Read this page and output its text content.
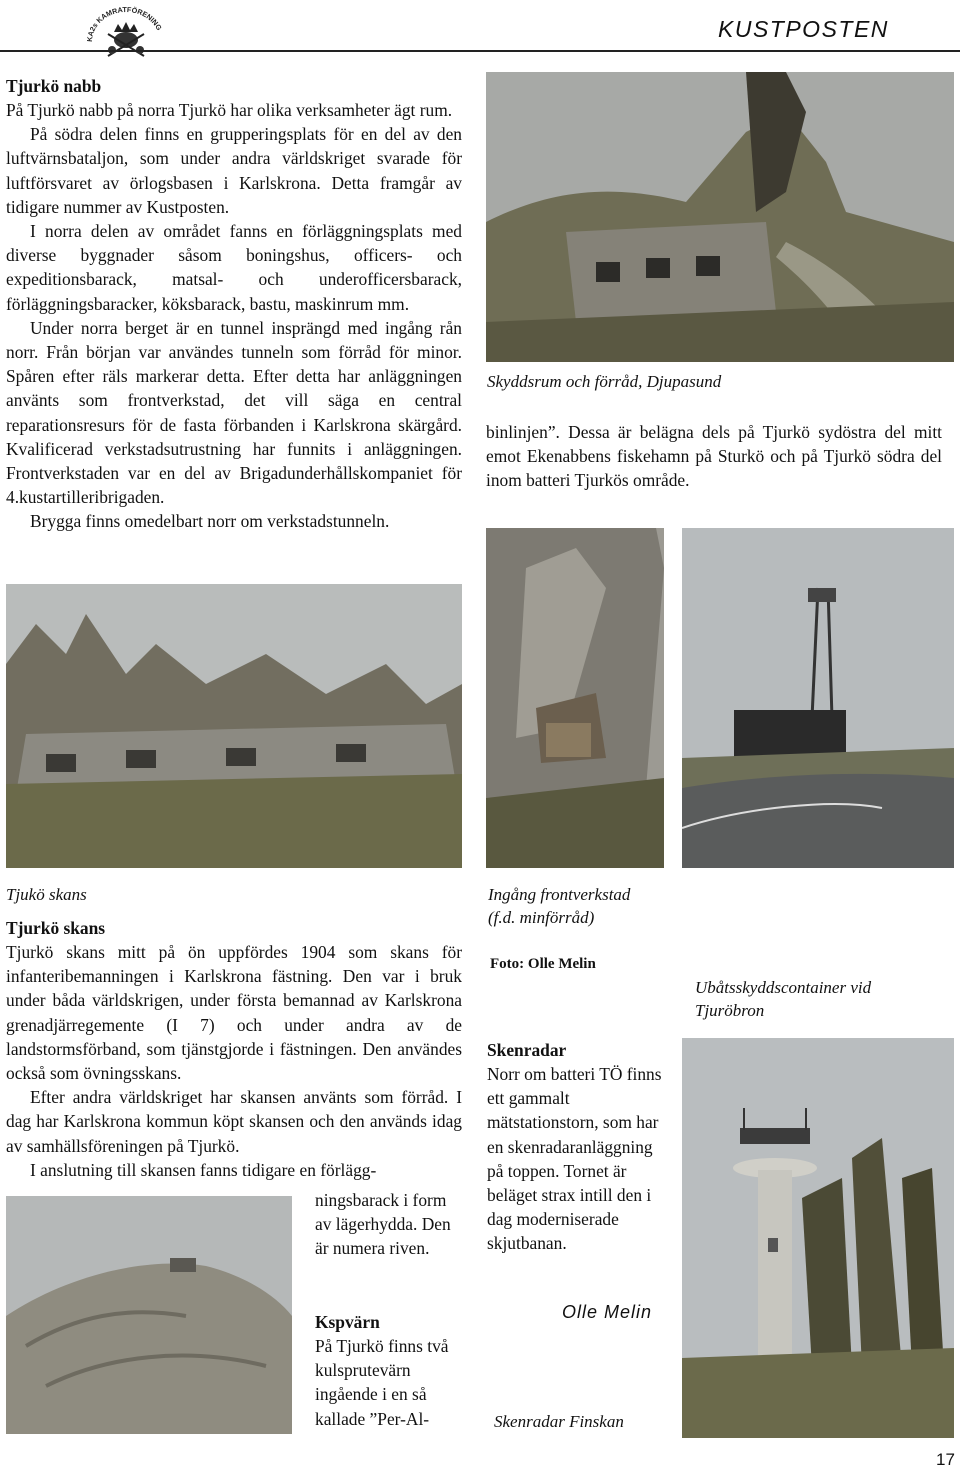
KA2s KAMRATFÖRENING	KUSTPOSTEN
Tjurkö nabb

På Tjurkö nabb på norra Tjurkö har olika verksamheter ägt rum.

På södra delen finns en grupperingsplats för en del av den luftvärnsbataljon, som under andra världskriget svarade för luftförsvaret av örlogsbasen i Karlskrona. Detta framgår av tidigare nummer av Kustposten.

I norra delen av området fanns en förläggningsplats med diverse byggnader såsom boningshus, officers- och expeditionsbarack, matsal- och underofficersbarack, förläggningsbaracker, köksbarack, bastu, maskinrum mm.

Under norra berget är en tunnel insprängd med ingång rån norr. Från början var användes tunneln som förråd för minor. Spåren efter räls markerar detta. Efter detta har anläggningen använts som frontverkstad, det vill säga en central reparationsresurs för de fasta förbanden i Karlskrona skärgård. Kvalificerad verkstadsutrustning har funnits i anläggningen. Frontverkstaden var en del av Brigadunderhållskompaniet för 4.kustartilleribrigaden.

Brygga finns omedelbart norr om verkstadstunneln.

Skyddsrum och förråd, Djupasund
binlinjen”. Dessa är belägna dels på Tjurkö sydöstra del mitt emot Ekenabbens fiskehamn på Sturkö och på Tjurkö södra del inom batteri Tjurkös område.
Tjukö skans	Ingång frontverkstad
(f.d. minförråd)
Foto: Olle Melin
Ubåtsskyddscontainer vid
Tjuröbron
Tjurkö skans

Tjurkö skans mitt på ön uppfördes 1904 som skans för infanteribemanningen i Karlskrona fästning. Den var i bruk under båda världskrigen, under första bemannad av Karlskrona grenadjärregemente (I 7) och under andra av de landstormsförband, som tjänstgjorde i fästningen. Den användes också som övningsskans.

Efter andra världskriget har skansen använts som förråd. I dag har Karlskrona kommun köpt skansen och den används idag av samhällsföreningen på Tjurkö.

I anslutning till skansen fanns tidigare en förlägg-

ningsbarack i form av lägerhydda. Den är numera riven.
Kspvärn

På Tjurkö finns två kulsprutevärn ingående i en så kallade ”Per-Al-

Skenradar

Norr om batteri TÖ finns ett gammalt mätstationstorn, som har en skenradaranläggning på toppen. Tornet är beläget strax intill den i dag moderniserade skjutbanan.

Olle Melin
Skenradar Finskan
17
